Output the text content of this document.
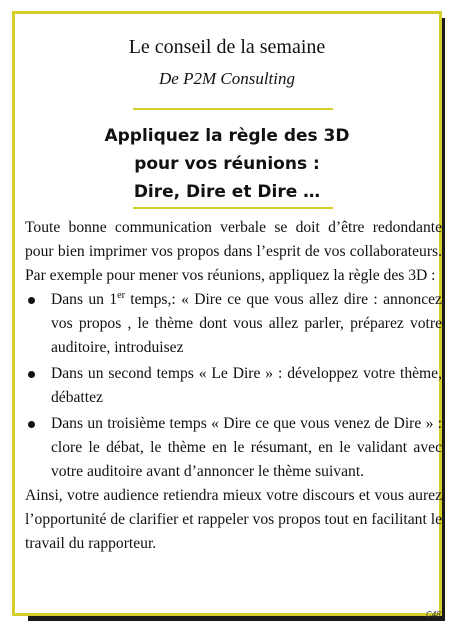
Le conseil de la semaine
De P2M Consulting
Appliquez la règle des 3D
pour vos réunions :
Dire, Dire et Dire …
C48

Toute bonne communication verbale se doit d’être redondante pour bien imprimer vos propos dans l’esprit de vos collaborateurs. Par exemple pour mener vos réunions, appliquez la règle des 3D :

Dans un 1er temps,: « Dire ce que vous allez dire : annoncez vos propos , le thème dont vous allez parler, préparez votre auditoire, introduisez
Dans un second temps « Le Dire » : développez votre thème, débattez
Dans un troisième temps « Dire ce que vous venez de Dire » : clore le débat, le thème en le résumant, en le validant avec votre auditoire avant d’annoncer le thème suivant.

Ainsi, votre audience retiendra mieux votre discours et vous aurez l’opportunité de clarifier et rappeler vos propos tout en facilitant le travail du rapporteur.
